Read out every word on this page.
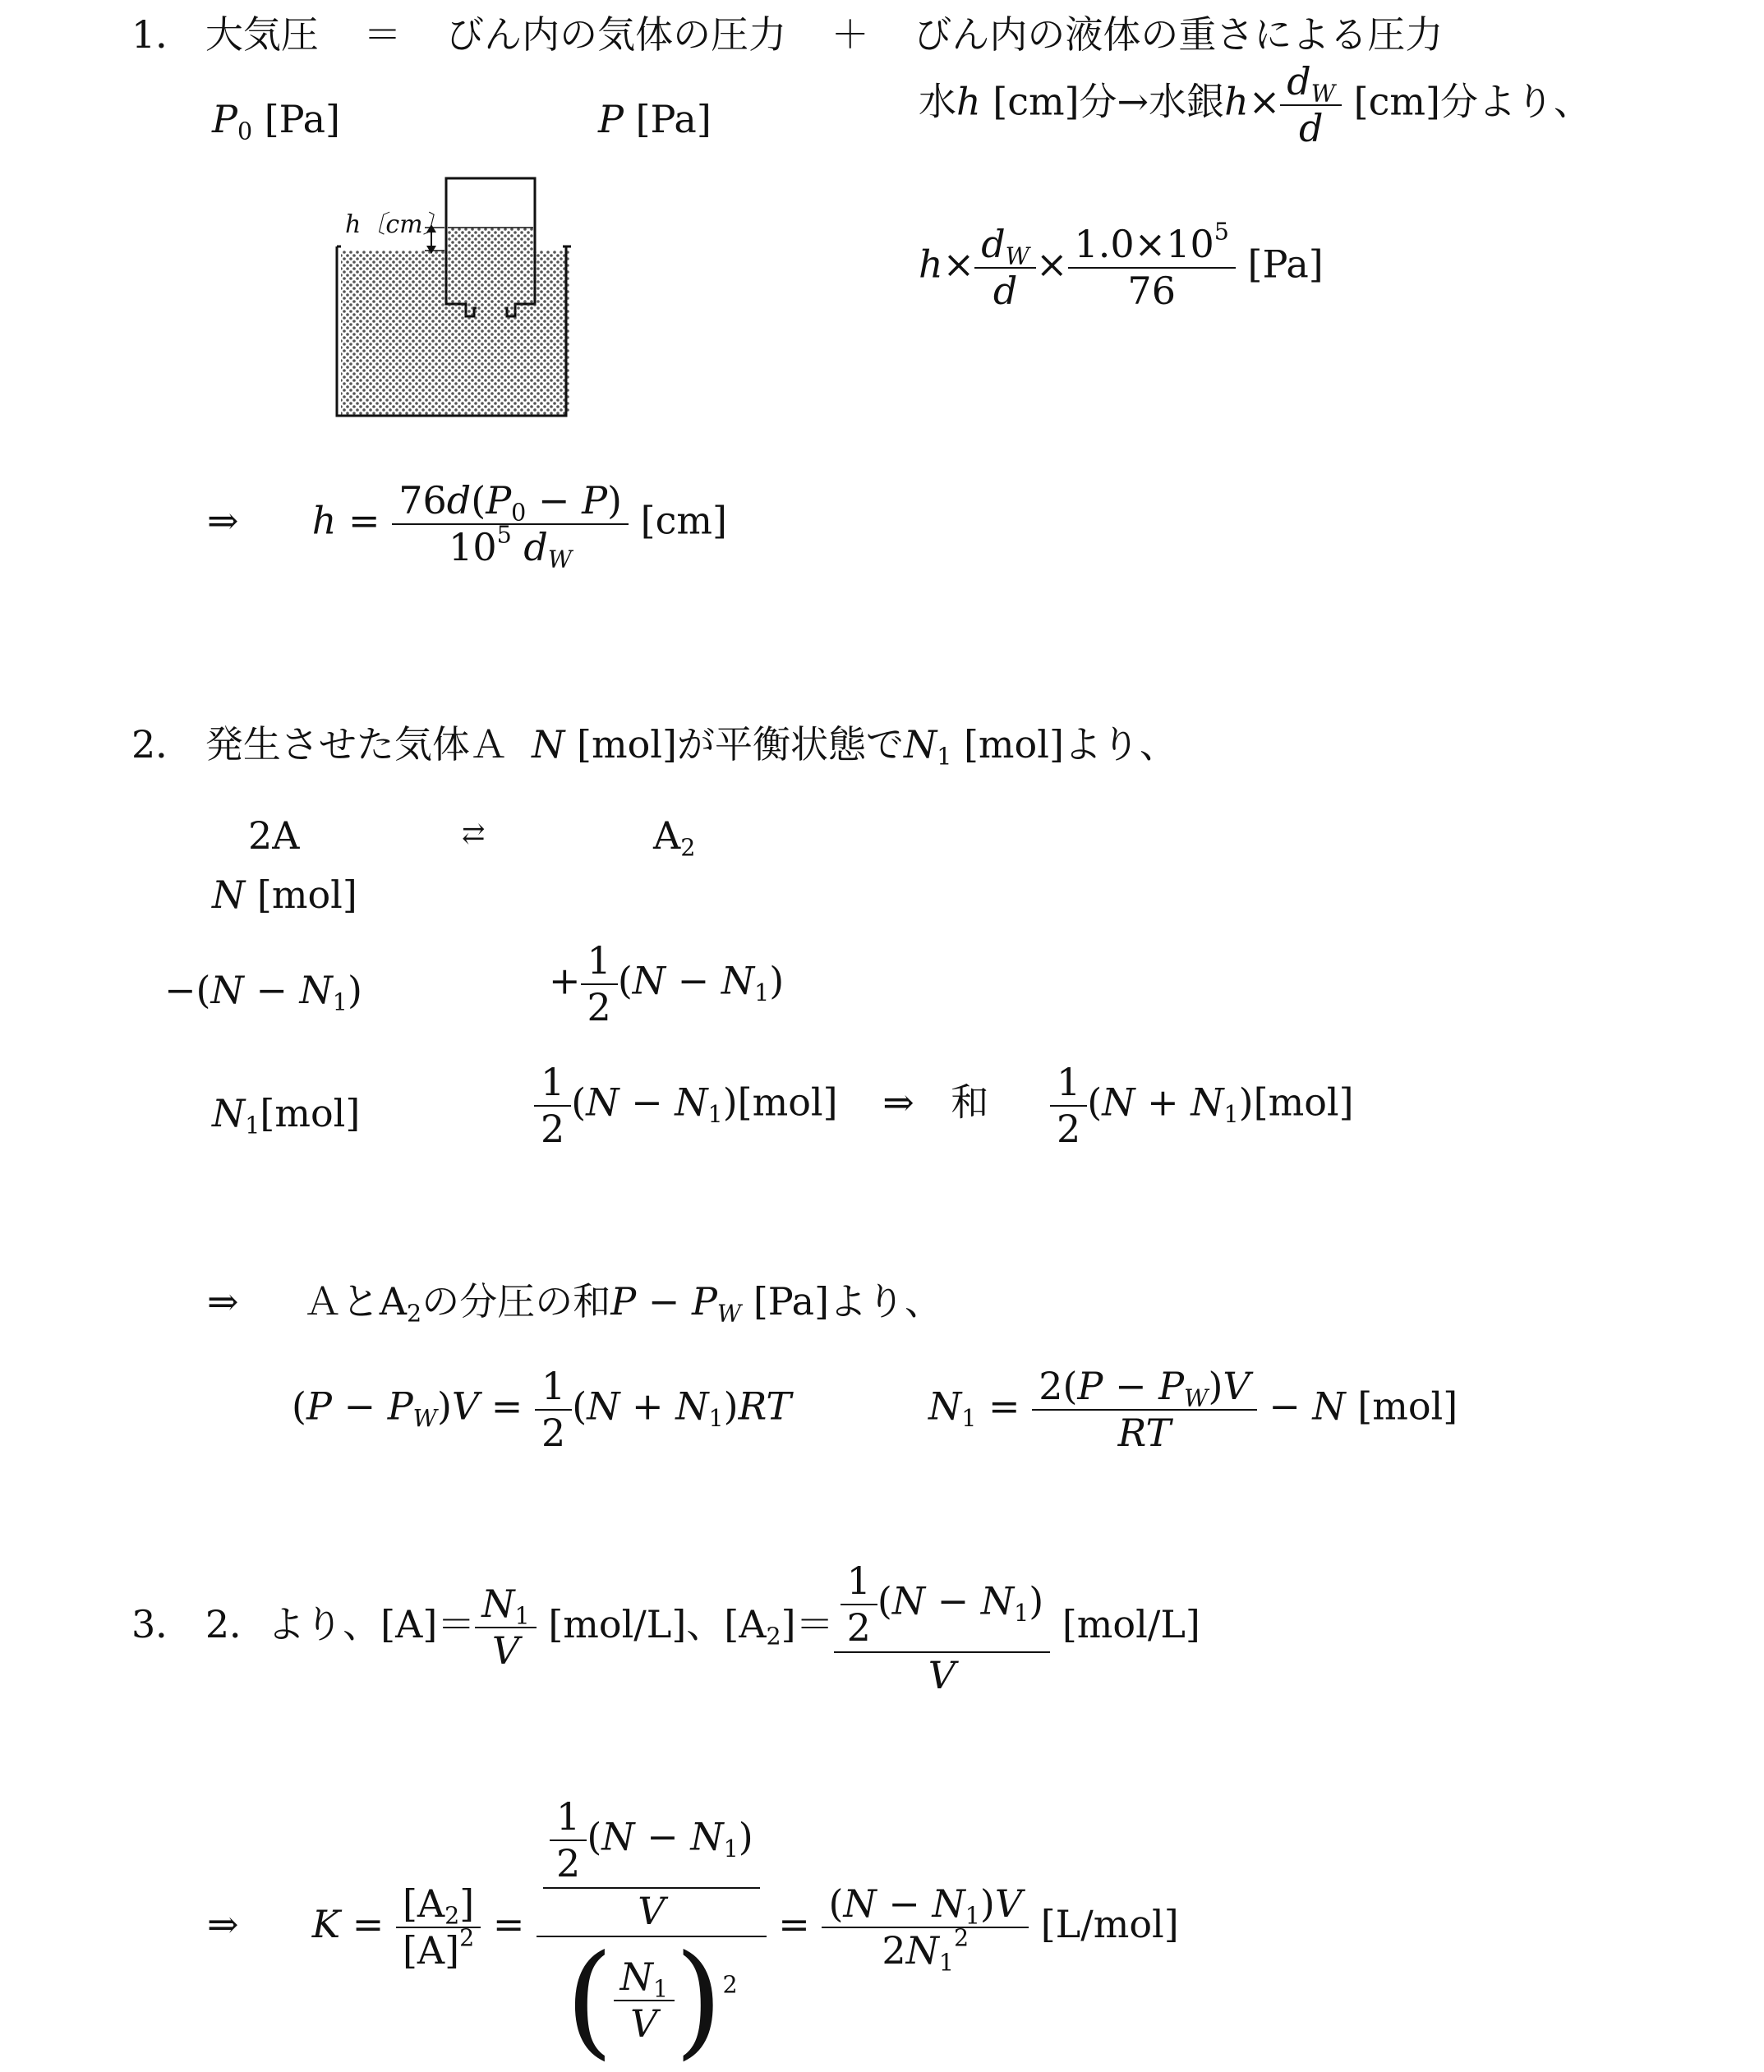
1． 大気圧 ＝ びん内の気体の圧力 ＋ びん内の液体の重さによる圧力
$P_0$ [Pa]	P [Pa]	水h [cm]分→水銀$h\times \frac{d_W}{d} [cm]$分より、
$h\times \frac{d_W}{d} \times \frac{1.0\times 10^5}{76} [Pa]$
h〔cm〕
⇒ $h = \frac{76d(P_0 - P)}{10^5 d_W} [cm]$
2． 発生させた気体Ａ N [mol]が平衡状態で$N_1$ [mol]より、
2A	⇄	$A_2$
N [mol]
$-(N - N_1)$	+ $\frac{1}{2} (N - N_1)$
$N_1[mol]$	$\frac{1}{2} (N - N_1)[mol]$ ⇒ 和 $\frac{1}{2} (N + N_1)[mol]$
⇒ Ａと$A_2$の分圧の和$P - P_W$ [Pa]より、
$(P - P_W)V = \frac{1}{2} (N + N_1)RT$	$N_1 = \frac{2(P - P_W)V}{RT} - N$ [mol]
3． 2．より、$[A]= \frac{N_1}{V} [mol/L]$、$[A_2]= \frac{\frac{1}{2} (N - N_1)}{V} [mol/L]$
⇒ $K = \frac{[A_2]}{[A]^2} = \frac{\frac{\frac{1}{2} (N - N_1)}{V}}{( \frac{N_1}{V} )^2} = \frac{(N - N_1)V}{2N_1^2} [L/mol]$
